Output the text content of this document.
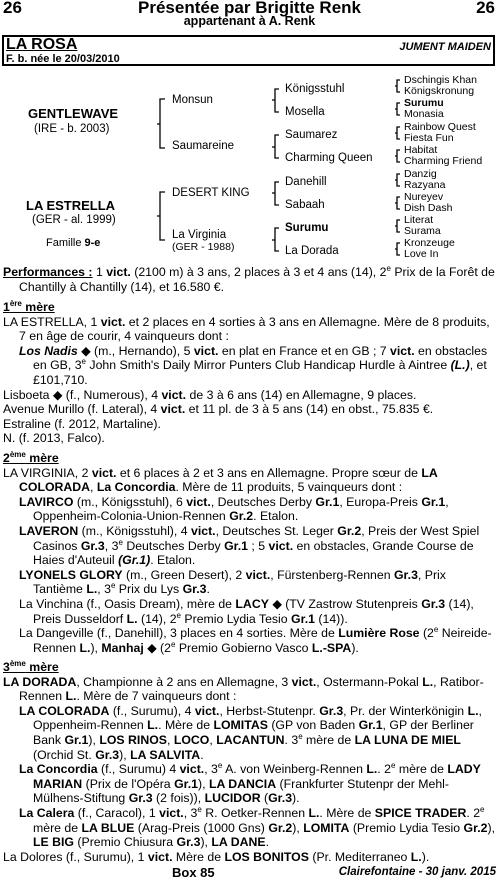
26	26
Présentée par Brigitte Renk
appartenant à A. Renk
LA ROSA	JUMENT MAIDEN
F. b. née le 20/03/2010
GENTLEWAVE
(IRE - b. 2003)
LA ESTRELLA
(GER - al. 1999)
Famille 9-e
Monsun
Saumareine
DESERT KING
La Virginia
(GER - 1988)
Königsstuhl
Mosella
Saumarez
Charming Queen
Danehill
Sabaah
Surumu
La Dorada
Dschingis Khan
Königskronung
Surumu
Monasia
Rainbow Quest
Fiesta Fun
Habitat
Charming Friend
Danzig
Razyana
Nureyev
Dish Dash
Literat
Surama
Kronzeuge
Love In

Performances : 1 vict. (2100 m) à 3 ans, 2 places à 3 et 4 ans (14), 2e Prix de la Forêt de Chantilly à Chantilly (14), et 16.580 €.

1ère mère

LA ESTRELLA, 1 vict. et 2 places en 4 sorties à 3 ans en Allemagne. Mère de 8 produits, 7 en âge de courir, 4 vainqueurs dont :

Los Nadis ◆ (m., Hernando), 5 vict. en plat en France et en GB ; 7 vict. en obstacles en GB, 3e John Smith's Daily Mirror Punters Club Handicap Hurdle à Aintree (L.), et £101,710.

Lisboeta ◆ (f., Numerous), 4 vict. de 3 à 6 ans (14) en Allemagne, 9 places.

Avenue Murillo (f. Lateral), 4 vict. et 11 pl. de 3 à 5 ans (14) en obst., 75.835 €.

Estraline (f. 2012, Martaline).

N. (f. 2013, Falco).

2ème mère

LA VIRGINIA, 2 vict. et 6 places à 2 et 3 ans en Allemagne. Propre sœur de LA COLORADA, La Concordia. Mère de 11 produits, 5 vainqueurs dont :

LAVIRCO (m., Königsstuhl), 6 vict., Deutsches Derby Gr.1, Europa-Preis Gr.1, Oppenheim-Colonia-Union-Rennen Gr.2. Etalon.

LAVERON (m., Königsstuhl), 4 vict., Deutsches St. Leger Gr.2, Preis der West Spiel Casinos Gr.3, 3e Deutsches Derby Gr.1 ; 5 vict. en obstacles, Grande Course de Haies d'Auteuil (Gr.1). Etalon.

LYONELS GLORY (m., Green Desert), 2 vict., Fürstenberg-Rennen Gr.3, Prix Tantième L., 3e Prix du Lys Gr.3.

La Vinchina (f., Oasis Dream), mère de LACY ◆ (TV Zastrow Stutenpreis Gr.3 (14), Preis Dusseldorf L. (14), 2e Premio Lydia Tesio Gr.1 (14)).

La Dangeville (f., Danehill), 3 places en 4 sorties. Mère de Lumière Rose (2e Neireide-Rennen L.), Manhaj ◆ (2e Premio Gobierno Vasco L.-SPA).

3ème mère

LA DORADA, Championne à 2 ans en Allemagne, 3 vict., Ostermann-Pokal L., Ratibor-Rennen L.. Mère de 7 vainqueurs dont :

LA COLORADA (f., Surumu), 4 vict., Herbst-Stutenpr. Gr.3, Pr. der Winterkönigin L., Oppenheim-Rennen L.. Mère de LOMITAS (GP von Baden Gr.1, GP der Berliner Bank Gr.1), LOS RINOS, LOCO, LACANTUN. 3e mère de LA LUNA DE MIEL (Orchid St. Gr.3), LA SALVITA.

La Concordia (f., Surumu) 4 vict., 3e A. von Weinberg-Rennen L.. 2e mère de LADY MARIAN (Prix de l'Opéra Gr.1), LA DANCIA (Frankfurter Stutenpr der Mehl-Mülhens-Stiftung Gr.3 (2 fois)), LUCIDOR (Gr.3).

La Calera (f., Caracol), 1 vict., 3e R. Oetker-Rennen L.. Mère de SPICE TRADER. 2e mère de LA BLUE (Arag-Preis (1000 Gns) Gr.2), LOMITA (Premio Lydia Tesio Gr.2), LE BIG (Premio Chiusura Gr.3), LA DANE.

La Dolores (f., Surumu), 1 vict. Mère de LOS BONITOS (Pr. Mediterraneo L.).

Box 85	Clairefontaine - 30 janv. 2015
